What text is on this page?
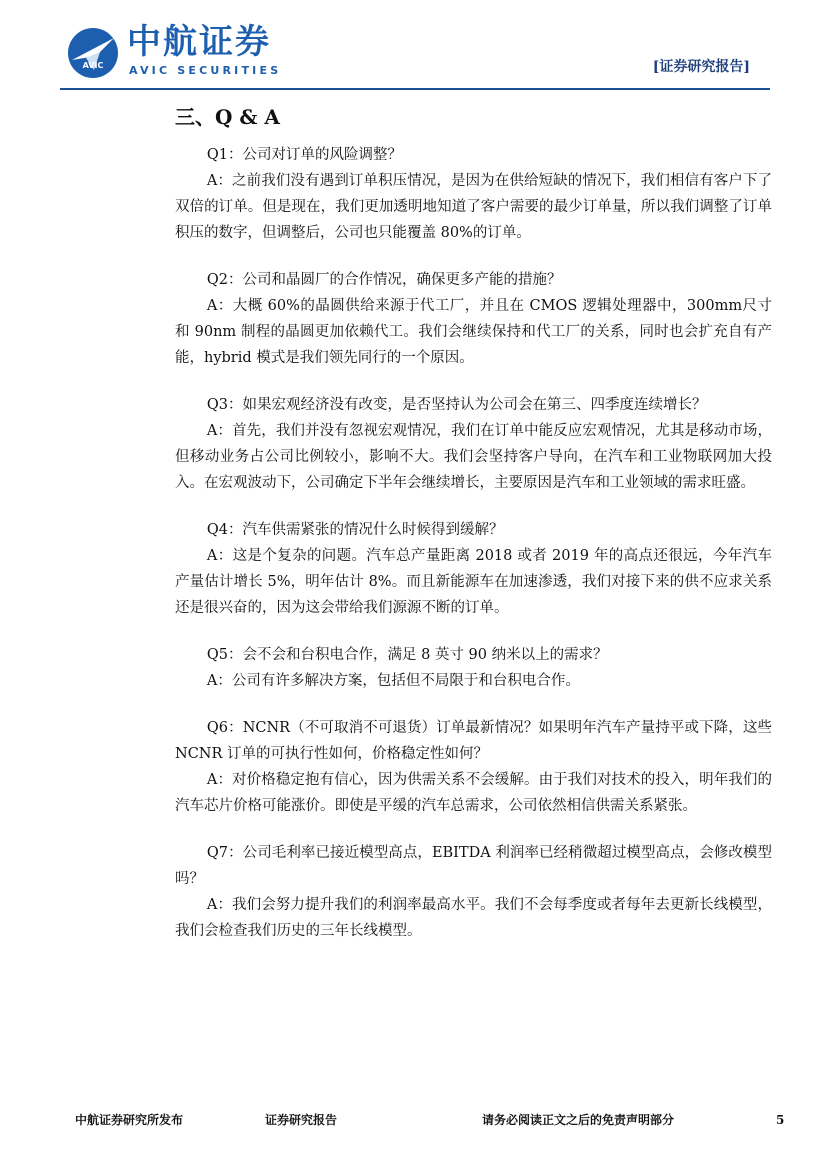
AVIC
中航证券
AVIC SECURITIES	[证券研究报告]
三、Q & A

Q1：公司对订单的风险调整？

A：之前我们没有遇到订单积压情况，是因为在供给短缺的情况下，我们相信有客户下了双倍的订单。但是现在，我们更加透明地知道了客户需要的最少订单量，所以我们调整了订单积压的数字，但调整后，公司也只能覆盖 80%的订单。

Q2：公司和晶圆厂的合作情况，确保更多产能的措施？

A：大概 60%的晶圆供给来源于代工厂，并且在 CMOS 逻辑处理器中，300mm尺寸和 90nm 制程的晶圆更加依赖代工。我们会继续保持和代工厂的关系，同时也会扩充自有产能，hybrid 模式是我们领先同行的一个原因。

Q3：如果宏观经济没有改变，是否坚持认为公司会在第三、四季度连续增长？

A：首先，我们并没有忽视宏观情况，我们在订单中能反应宏观情况，尤其是移动市场，但移动业务占公司比例较小，影响不大。我们会坚持客户导向，在汽车和工业物联网加大投入。在宏观波动下，公司确定下半年会继续增长，主要原因是汽车和工业领域的需求旺盛。

Q4：汽车供需紧张的情况什么时候得到缓解？

A：这是个复杂的问题。汽车总产量距离 2018 或者 2019 年的高点还很远，今年汽车产量估计增长 5%，明年估计 8%。而且新能源车在加速渗透，我们对接下来的供不应求关系还是很兴奋的，因为这会带给我们源源不断的订单。

Q5：会不会和台积电合作，满足 8 英寸 90 纳米以上的需求？

A：公司有许多解决方案，包括但不局限于和台积电合作。

Q6：NCNR（不可取消不可退货）订单最新情况？如果明年汽车产量持平或下降，这些 NCNR 订单的可执行性如何，价格稳定性如何？

A：对价格稳定抱有信心，因为供需关系不会缓解。由于我们对技术的投入，明年我们的汽车芯片价格可能涨价。即使是平缓的汽车总需求，公司依然相信供需关系紧张。

Q7：公司毛利率已接近模型高点，EBITDA 利润率已经稍微超过模型高点，会修改模型吗？

A：我们会努力提升我们的利润率最高水平。我们不会每季度或者每年去更新长线模型，我们会检查我们历史的三年长线模型。

中航证券研究所发布	证券研究报告	请务必阅读正文之后的免责声明部分	5
